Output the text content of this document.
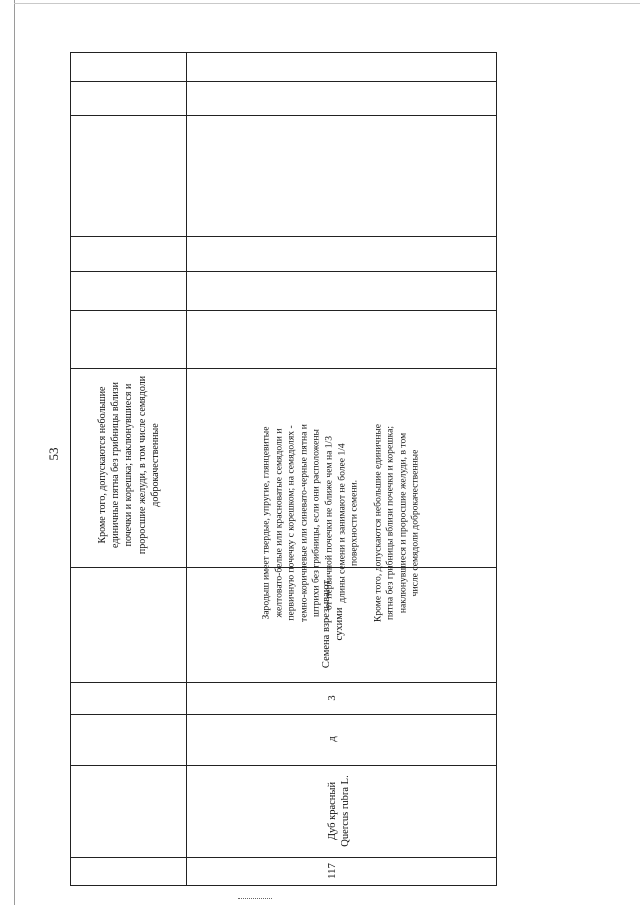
53	Кроме того, допускаются небольшие единичные пятна без грибницы вблизи почечки и корешка; наклюнувшиеся и проросшие желуди, в том числе семядоли доброкачественные	Зародыш имеет твердые, упругие, глянцевитые желтовато-белые или красноватые семядоли и первичную почечку с корешком; на семядолях - темно-коричневые или синевато-черные пятна и штрихи без грибницы, если они расположены от первичной почечки не ближе чем на 1/3 длины семени и занимают не более 1/4 поверхности семени. Кроме того, допускаются небольшие единичные пятна без грибницы вблизи почечки и корешка; наклюнувшиеся и проросшие желуди, в том числе семядоли доброкачественные
Семена взрезывают сухими
3
д
Дуб красный Quercus rubra L.
117
